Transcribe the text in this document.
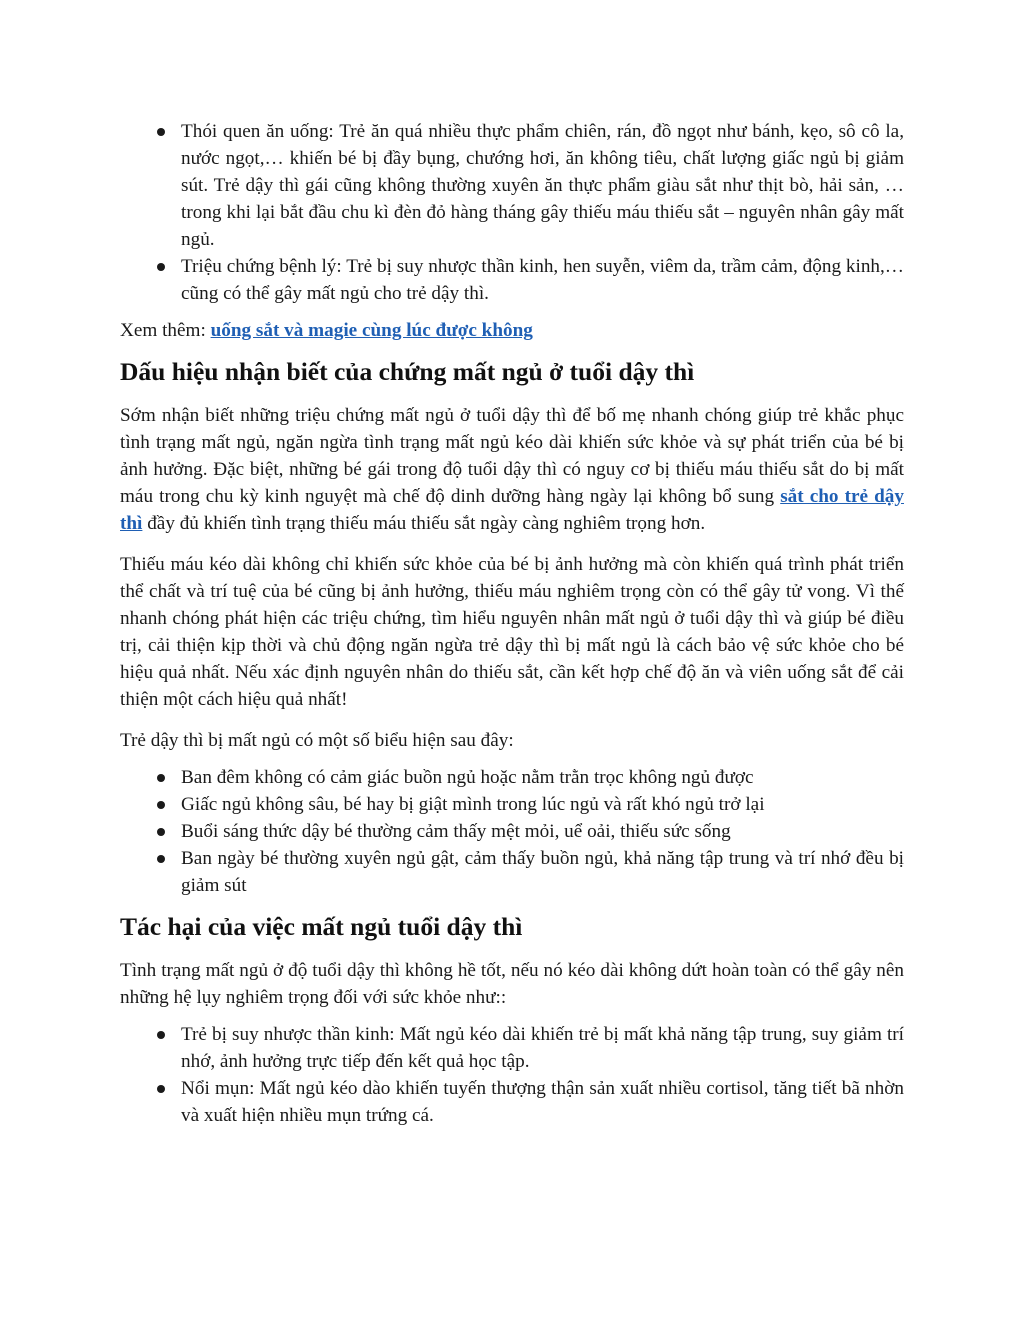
Thói quen ăn uống: Trẻ ăn quá nhiều thực phẩm chiên, rán, đồ ngọt như bánh, kẹo, sô cô la, nước ngọt,… khiến bé bị đầy bụng, chướng hơi, ăn không tiêu, chất lượng giấc ngủ bị giảm sút. Trẻ dậy thì gái cũng không thường xuyên ăn thực phẩm giàu sắt như thịt bò, hải sản, … trong khi lại bắt đầu chu kì đèn đỏ hàng tháng gây thiếu máu thiếu sắt – nguyên nhân gây mất ngủ.
Triệu chứng bệnh lý: Trẻ bị suy nhược thần kinh, hen suyễn, viêm da, trầm cảm, động kinh,… cũng có thể gây mất ngủ cho trẻ dậy thì.

Xem thêm: uống sắt và magie cùng lúc được không

Dấu hiệu nhận biết của chứng mất ngủ ở tuổi dậy thì

Sớm nhận biết những triệu chứng mất ngủ ở tuổi dậy thì để bố mẹ nhanh chóng giúp trẻ khắc phục tình trạng mất ngủ, ngăn ngừa tình trạng mất ngủ kéo dài khiến sức khỏe và sự phát triển của bé bị ảnh hưởng. Đặc biệt, những bé gái trong độ tuổi dậy thì có nguy cơ bị thiếu máu thiếu sắt do bị mất máu trong chu kỳ kinh nguyệt mà chế độ dinh dưỡng hàng ngày lại không bổ sung sắt cho trẻ dậy thì đầy đủ khiến tình trạng thiếu máu thiếu sắt ngày càng nghiêm trọng hơn.

Thiếu máu kéo dài không chỉ khiến sức khỏe của bé bị ảnh hưởng mà còn khiến quá trình phát triển thể chất và trí tuệ của bé cũng bị ảnh hưởng, thiếu máu nghiêm trọng còn có thể gây tử vong. Vì thế nhanh chóng phát hiện các triệu chứng, tìm hiểu nguyên nhân mất ngủ ở tuổi dậy thì và giúp bé điều trị, cải thiện kịp thời và chủ động ngăn ngừa trẻ dậy thì bị mất ngủ là cách bảo vệ sức khỏe cho bé hiệu quả nhất. Nếu xác định nguyên nhân do thiếu sắt, cần kết hợp chế độ ăn và viên uống sắt để cải thiện một cách hiệu quả nhất!

Trẻ dậy thì bị mất ngủ có một số biểu hiện sau đây:

Ban đêm không có cảm giác buồn ngủ hoặc nằm trằn trọc không ngủ được
Giấc ngủ không sâu, bé hay bị giật mình trong lúc ngủ và rất khó ngủ trở lại
Buổi sáng thức dậy bé thường cảm thấy mệt mỏi, uể oải, thiếu sức sống
Ban ngày bé thường xuyên ngủ gật, cảm thấy buồn ngủ, khả năng tập trung và trí nhớ đều bị giảm sút
Tác hại của việc mất ngủ tuổi dậy thì

Tình trạng mất ngủ ở độ tuổi dậy thì không hề tốt, nếu nó kéo dài không dứt hoàn toàn có thể gây nên những hệ lụy nghiêm trọng đối với sức khỏe như::

Trẻ bị suy nhược thần kinh: Mất ngủ kéo dài khiến trẻ bị mất khả năng tập trung, suy giảm trí nhớ, ảnh hưởng trực tiếp đến kết quả học tập.
Nổi mụn: Mất ngủ kéo dào khiến tuyến thượng thận sản xuất nhiều cortisol, tăng tiết bã nhờn và xuất hiện nhiều mụn trứng cá.
